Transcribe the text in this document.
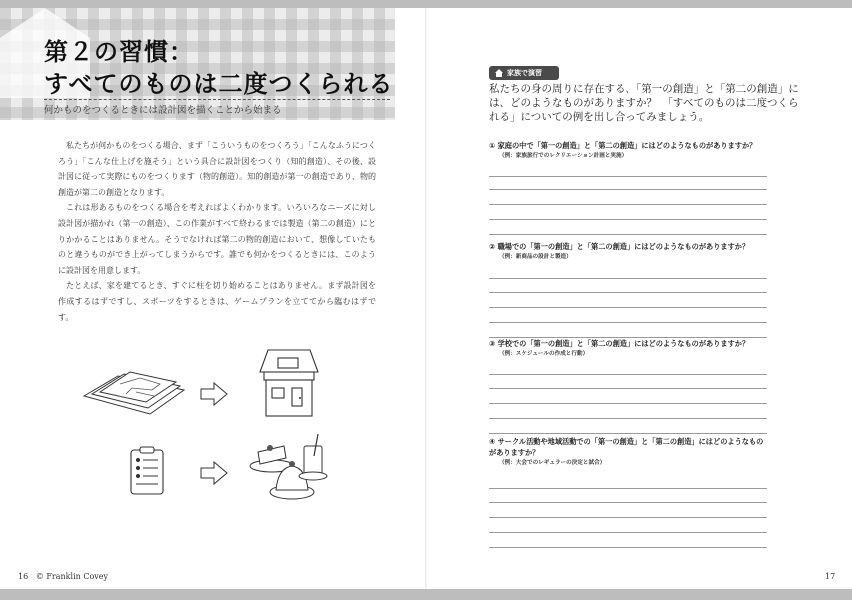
第２の習慣：
すべてのものは二度つくられる
何かものをつくるときには設計図を描くことから始まる

私たちが何かものをつくる場合、まず「こういうものをつくろう」「こんなふうにつくろう」「こんな仕上げを施そう」という具合に設計図をつくり（知的創造）、その後、設計図に従って実際にものをつくります（物的創造）。知的創造が第一の創造であり、物的創造が第二の創造となります。

これは形あるものをつくる場合を考えればよくわかります。いろいろなニーズに対し設計図が描かれ（第一の創造）、この作業がすべて終わるまでは製造（第二の創造）にとりかかることはありません。そうでなければ第二の物的創造において、想像していたものと違うものができ上がってしまうからです。誰でも何かをつくるときには、このように設計図を用意します。

たとえば、家を建てるとき、すぐに柱を切り始めることはありません。まず設計図を作成するはずですし、スポーツをするときは、ゲームプランを立ててから臨むはずです。

16 © Franklin Covey
家族で演習
私たちの身の周りに存在する､「第一の創造」と「第二の創造」には、どのようなものがありますか？　「すべてのものは二度つくられる」についての例を出し合ってみましょう。
① 家庭の中で「第一の創造」と「第二の創造」にはどのようなものがありますか？
（例：家族旅行でのレクリエーション計画と実施）
② 職場での「第一の創造」と「第二の創造」にはどのようなものがありますか？
（例：新商品の設計と製造）
③ 学校での「第一の創造」と「第二の創造」にはどのようなものがありますか？
（例：スケジュールの作成と行動）
④ サークル活動や地域活動での「第一の創造」と「第二の創造」にはどのようなものがありますか？
（例：大会でのレギュラーの決定と試合）
17
